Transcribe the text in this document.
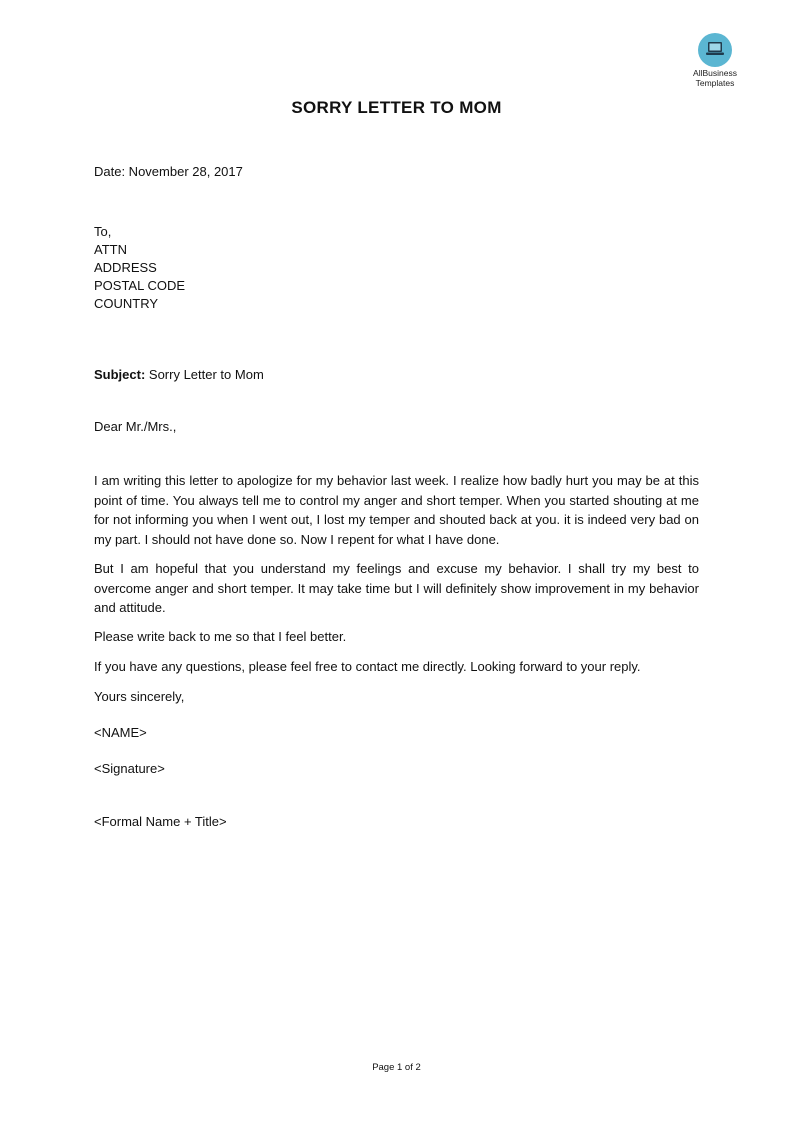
AllBusiness
Templates
SORRY LETTER TO MOM
Date: November 28, 2017
To,
ATTN
ADDRESS
POSTAL CODE
COUNTRY
Subject: Sorry Letter to Mom
Dear Mr./Mrs.,
I am writing this letter to apologize for my behavior last week. I realize how badly hurt you may be at this point of time. You always tell me to control my anger and short temper. When you started shouting at me for not informing you when I went out, I lost my temper and shouted back at you. it is indeed very bad on my part. I should not have done so. Now I repent for what I have done.
But I am hopeful that you understand my feelings and excuse my behavior. I shall try my best to overcome anger and short temper. It may take time but I will definitely show improvement in my behavior and attitude.
Please write back to me so that I feel better.
If you have any questions, please feel free to contact me directly. Looking forward to your reply.
Yours sincerely,
<NAME>
<Signature>
<Formal Name + Title>
Page 1 of 2
